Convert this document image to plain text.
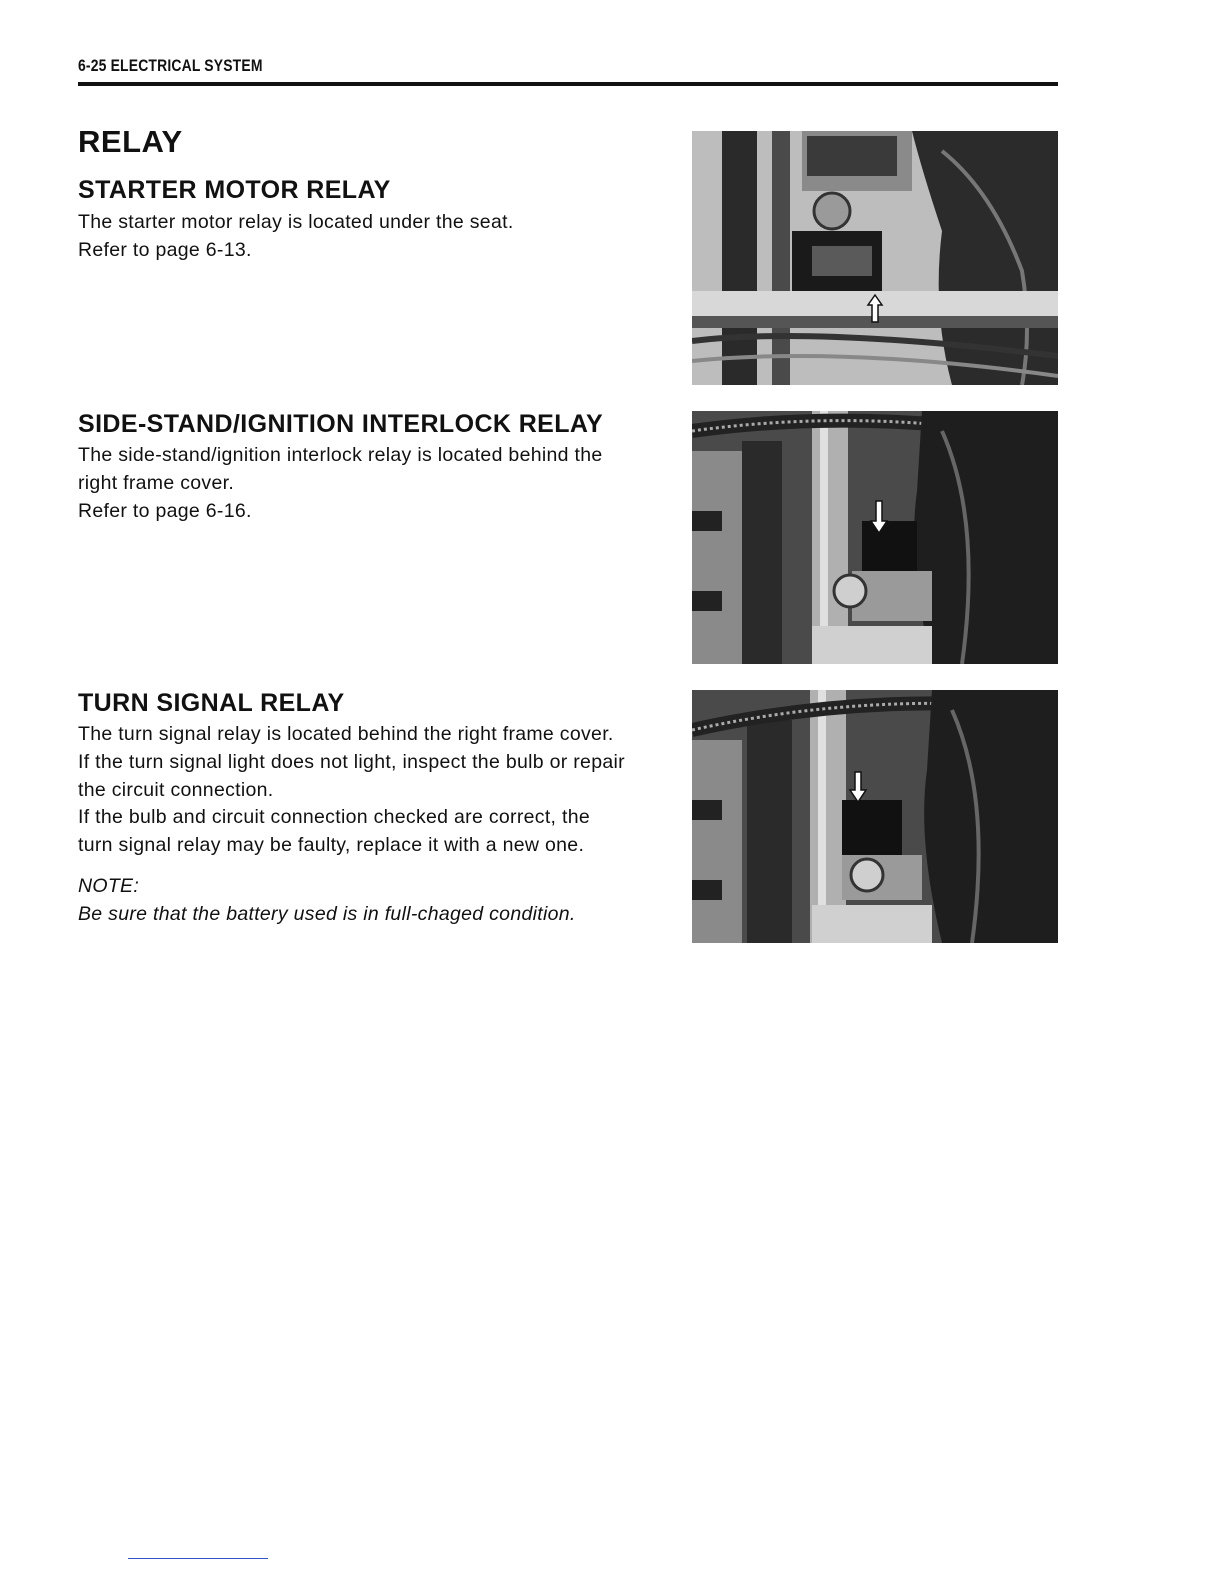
6-25 ELECTRICAL SYSTEM
RELAY
STARTER MOTOR RELAY

The starter motor relay is located under the seat.

Refer to page 6-13.

SIDE-STAND/IGNITION INTERLOCK RELAY

The side-stand/ignition interlock relay is located behind the

right frame cover.

Refer to page 6-16.

TURN SIGNAL RELAY

The turn signal relay is located behind the right frame cover.

If the turn signal light does not light, inspect the bulb or repair

the circuit connection.

If the bulb and circuit connection checked are correct, the

turn signal relay may be faulty, replace it with a new one.

NOTE:

Be sure that the battery used is in full-chaged condition.
